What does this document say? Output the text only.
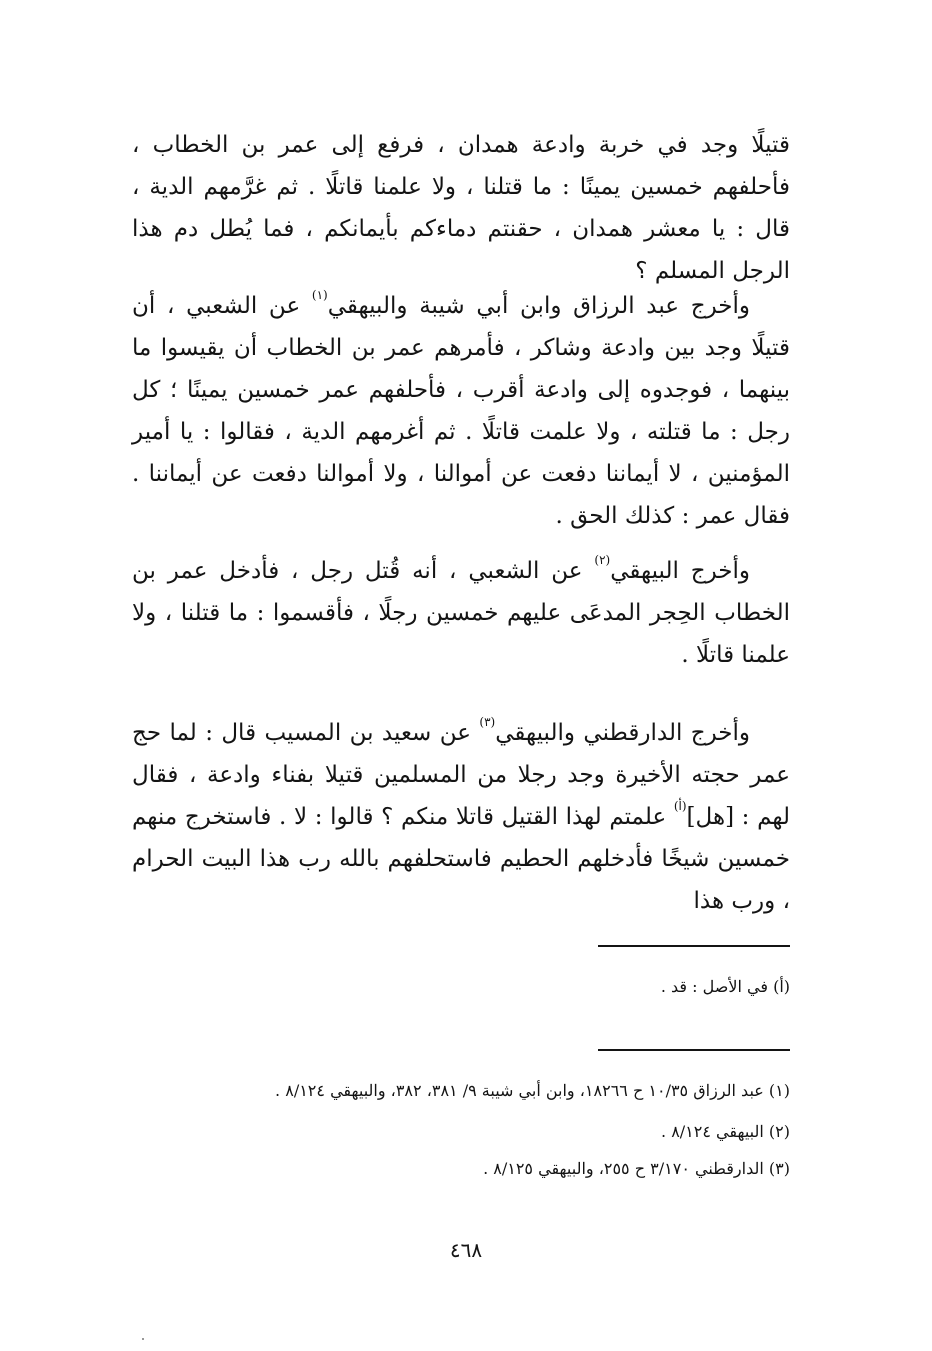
قتيلًا وجد في خربة وادعة همدان ، فرفع إلى عمر بن الخطاب ، فأحلفهم خمسين يمينًا : ما قتلنا ، ولا علمنا قاتلًا . ثم غرَّمهم الدية ، قال : يا معشر همدان ، حقنتم دماءكم بأيمانكم ، فما يُطل دم هذا الرجل المسلم ؟

وأخرج عبد الرزاق وابن أبي شيبة والبيهقي$^{(١)}$ عن الشعبي ، أن قتيلًا وجد بين وادعة وشاكر ، فأمرهم عمر بن الخطاب أن يقيسوا ما بينهما ، فوجدوه إلى وادعة أقرب ، فأحلفهم عمر خمسين يمينًا ؛ كل رجل : ما قتلته ، ولا علمت قاتلًا . ثم أغرمهم الدية ، فقالوا : يا أمير المؤمنين ، لا أيماننا دفعت عن أموالنا ، ولا أموالنا دفعت عن أيماننا . فقال عمر : كذلك الحق .

وأخرج البيهقي$^{(٢)}$ عن الشعبي ، أنه قُتل رجل ، فأدخل عمر بن الخطاب الحِجر المدعَى عليهم خمسين رجلًا ، فأقسموا : ما قتلنا ، ولا علمنا قاتلًا .

وأخرج الدارقطني والبيهقي$^{(٣)}$ عن سعيد بن المسيب قال : لما حج عمر حجته الأخيرة وجد رجلا من المسلمين قتيلا بفناء وادعة ، فقال لهم : [هل]$^{(أ)}$ علمتم لهذا القتيل قاتلا منكم ؟ قالوا : لا . فاستخرج منهم خمسين شيخًا فأدخلهم الحطيم فاستحلفهم بالله رب هذا البيت الحرام ، ورب هذا

(أ) في الأصل : قد .

(١) عبد الرزاق ١٠/٣٥ ح ١٨٢٦٦، وابن أبي شيبة ٩/ ٣٨١، ٣٨٢، والبيهقي ٨/١٢٤ .

(٢) البيهقي ٨/١٢٤ .

(٣) الدارقطني ٣/١٧٠ ح ٢٥٥، والبيهقي ٨/١٢٥ .

٤٦٨
